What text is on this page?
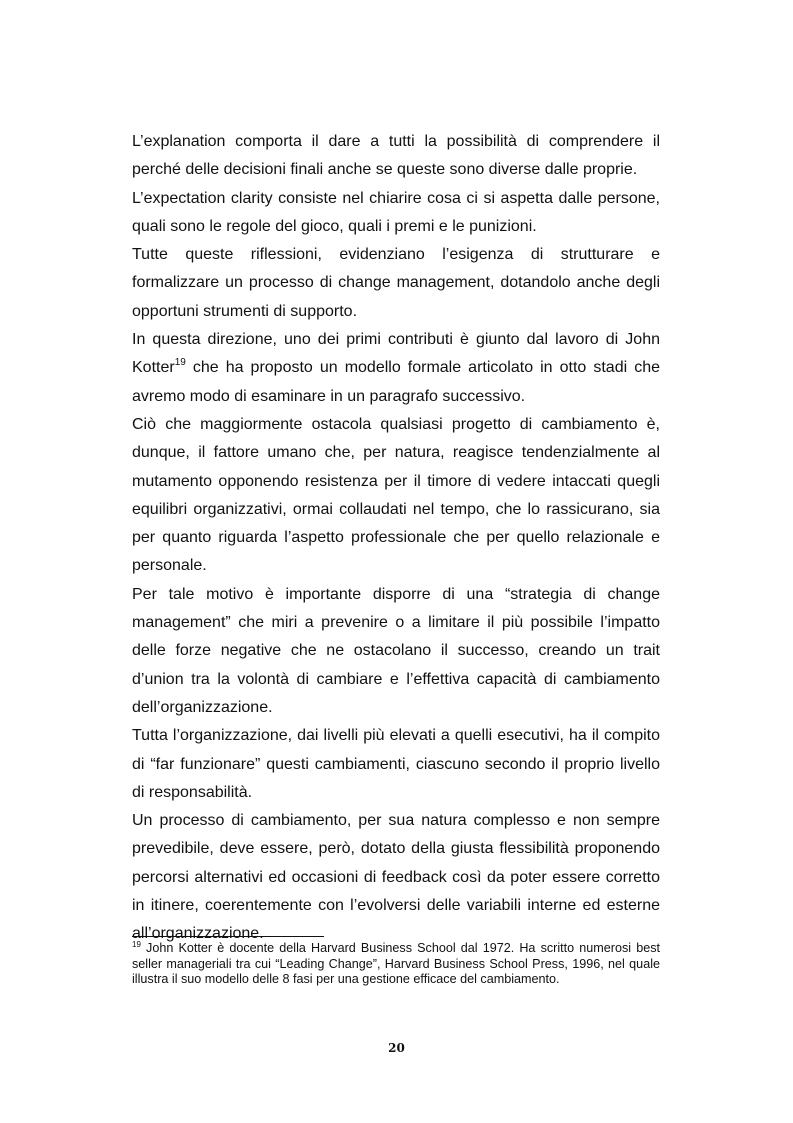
L’explanation comporta il dare a tutti la possibilità di comprendere il perché delle decisioni finali anche se queste sono diverse dalle proprie.

L’expectation clarity consiste nel chiarire cosa ci si aspetta dalle persone, quali sono le regole del gioco, quali i premi e le punizioni.

Tutte queste riflessioni, evidenziano l’esigenza di strutturare e formalizzare un processo di change management, dotandolo anche degli opportuni strumenti di supporto.

In questa direzione, uno dei primi contributi è giunto dal lavoro di John Kotter$^{19}$ che ha proposto un modello formale articolato in otto stadi che avremo modo di esaminare in un paragrafo successivo.

Ciò che maggiormente ostacola qualsiasi progetto di cambiamento è, dunque, il fattore umano che, per natura, reagisce tendenzialmente al mutamento opponendo resistenza per il timore di vedere intaccati quegli equilibri organizzativi, ormai collaudati nel tempo, che lo rassicurano, sia per quanto riguarda l’aspetto professionale che per quello relazionale e personale.

Per tale motivo è importante disporre di una “strategia di change management” che miri a prevenire o a limitare il più possibile l’impatto delle forze negative che ne ostacolano il successo, creando un trait d’union tra la volontà di cambiare e l’effettiva capacità di cambiamento dell’organizzazione.

Tutta l’organizzazione, dai livelli più elevati a quelli esecutivi, ha il compito di “far funzionare” questi cambiamenti, ciascuno secondo il proprio livello di responsabilità.

Un processo di cambiamento, per sua natura complesso e non sempre prevedibile, deve essere, però, dotato della giusta flessibilità proponendo percorsi alternativi ed occasioni di feedback così da poter essere corretto in itinere, coerentemente con l’evolversi delle variabili interne ed esterne all’organizzazione.

$^{19}$ John Kotter è docente della Harvard Business School dal 1972. Ha scritto numerosi best seller manageriali tra cui “Leading Change”, Harvard Business School Press, 1996, nel quale illustra il suo modello delle 8 fasi per una gestione efficace del cambiamento.

20
